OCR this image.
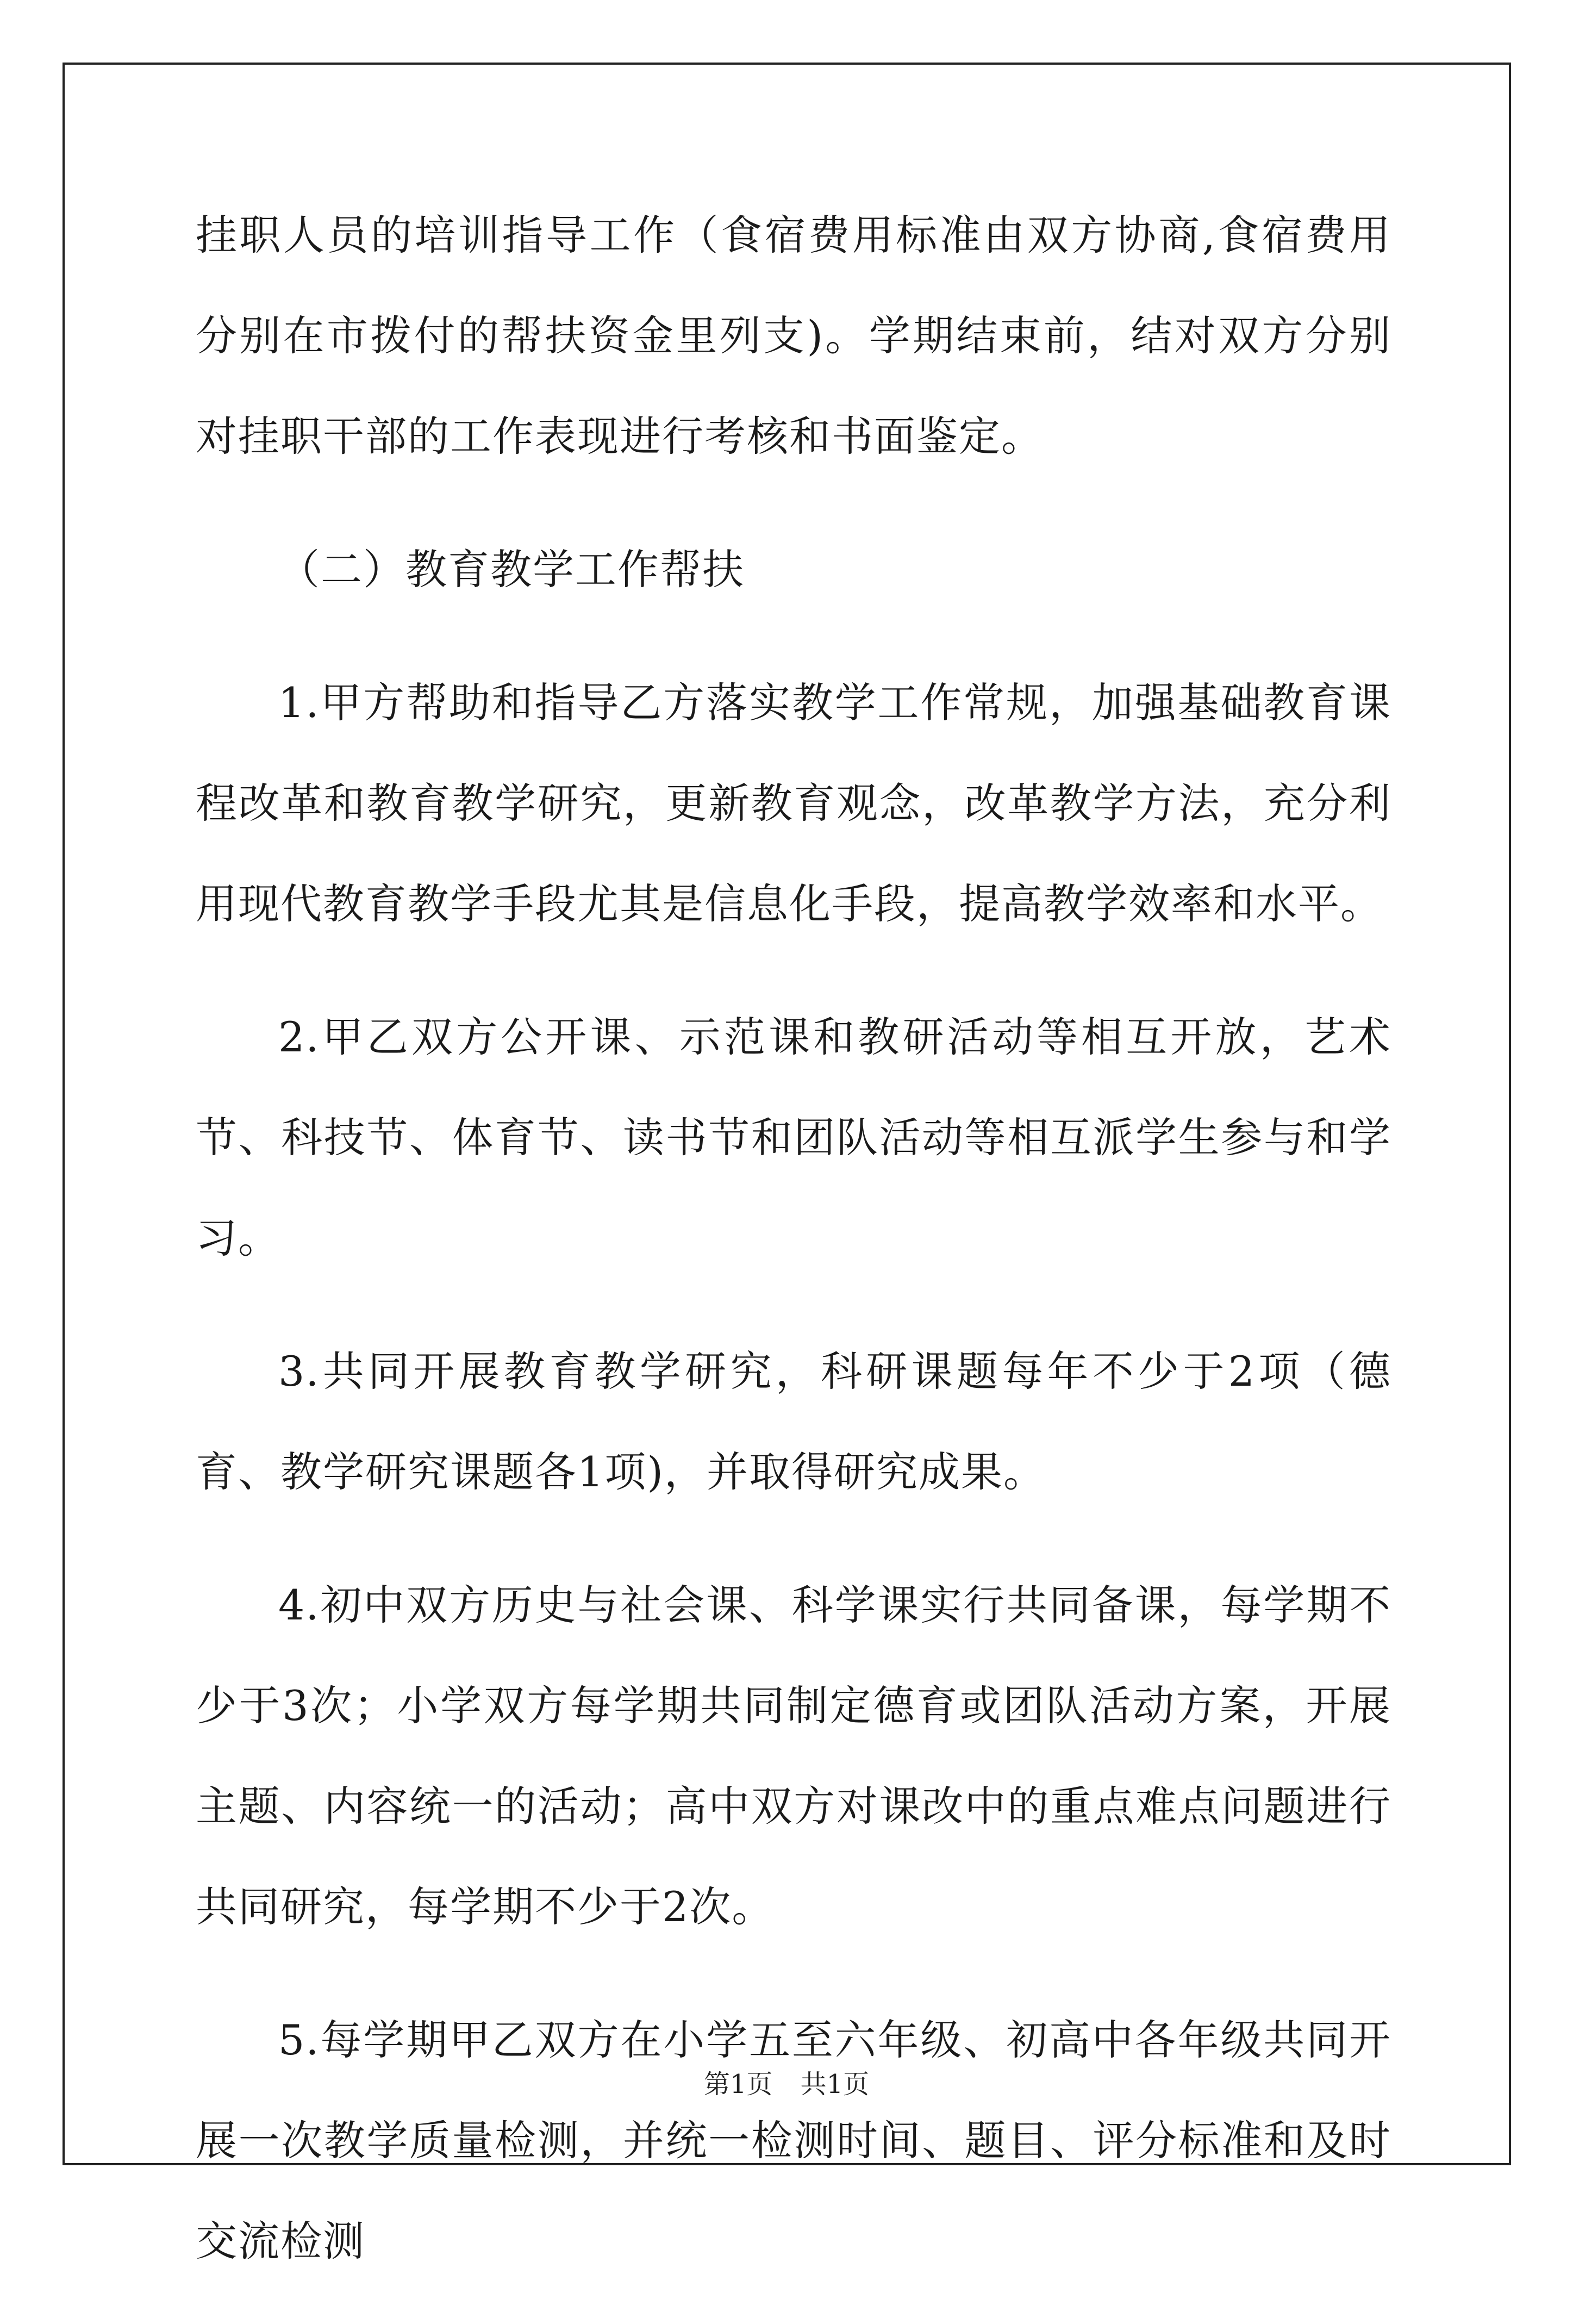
挂职人员的培训指导工作（食宿费用标准由双方协商,食宿费用分别在市拨付的帮扶资金里列支)。学期结束前，结对双方分别对挂职干部的工作表现进行考核和书面鉴定。

（二）教育教学工作帮扶

1.甲方帮助和指导乙方落实教学工作常规，加强基础教育课程改革和教育教学研究，更新教育观念，改革教学方法，充分利用现代教育教学手段尤其是信息化手段，提高教学效率和水平。

2.甲乙双方公开课、示范课和教研活动等相互开放，艺术节、科技节、体育节、读书节和团队活动等相互派学生参与和学习。

3.共同开展教育教学研究，科研课题每年不少于2项（德育、教学研究课题各1项)，并取得研究成果。

4.初中双方历史与社会课、科学课实行共同备课，每学期不少于3次；小学双方每学期共同制定德育或团队活动方案，开展主题、内容统一的活动；高中双方对课改中的重点难点问题进行共同研究，每学期不少于2次。

5.每学期甲乙双方在小学五至六年级、初高中各年级共同开展一次教学质量检测，并统一检测时间、题目、评分标准和及时交流检测

第1页 共1页
